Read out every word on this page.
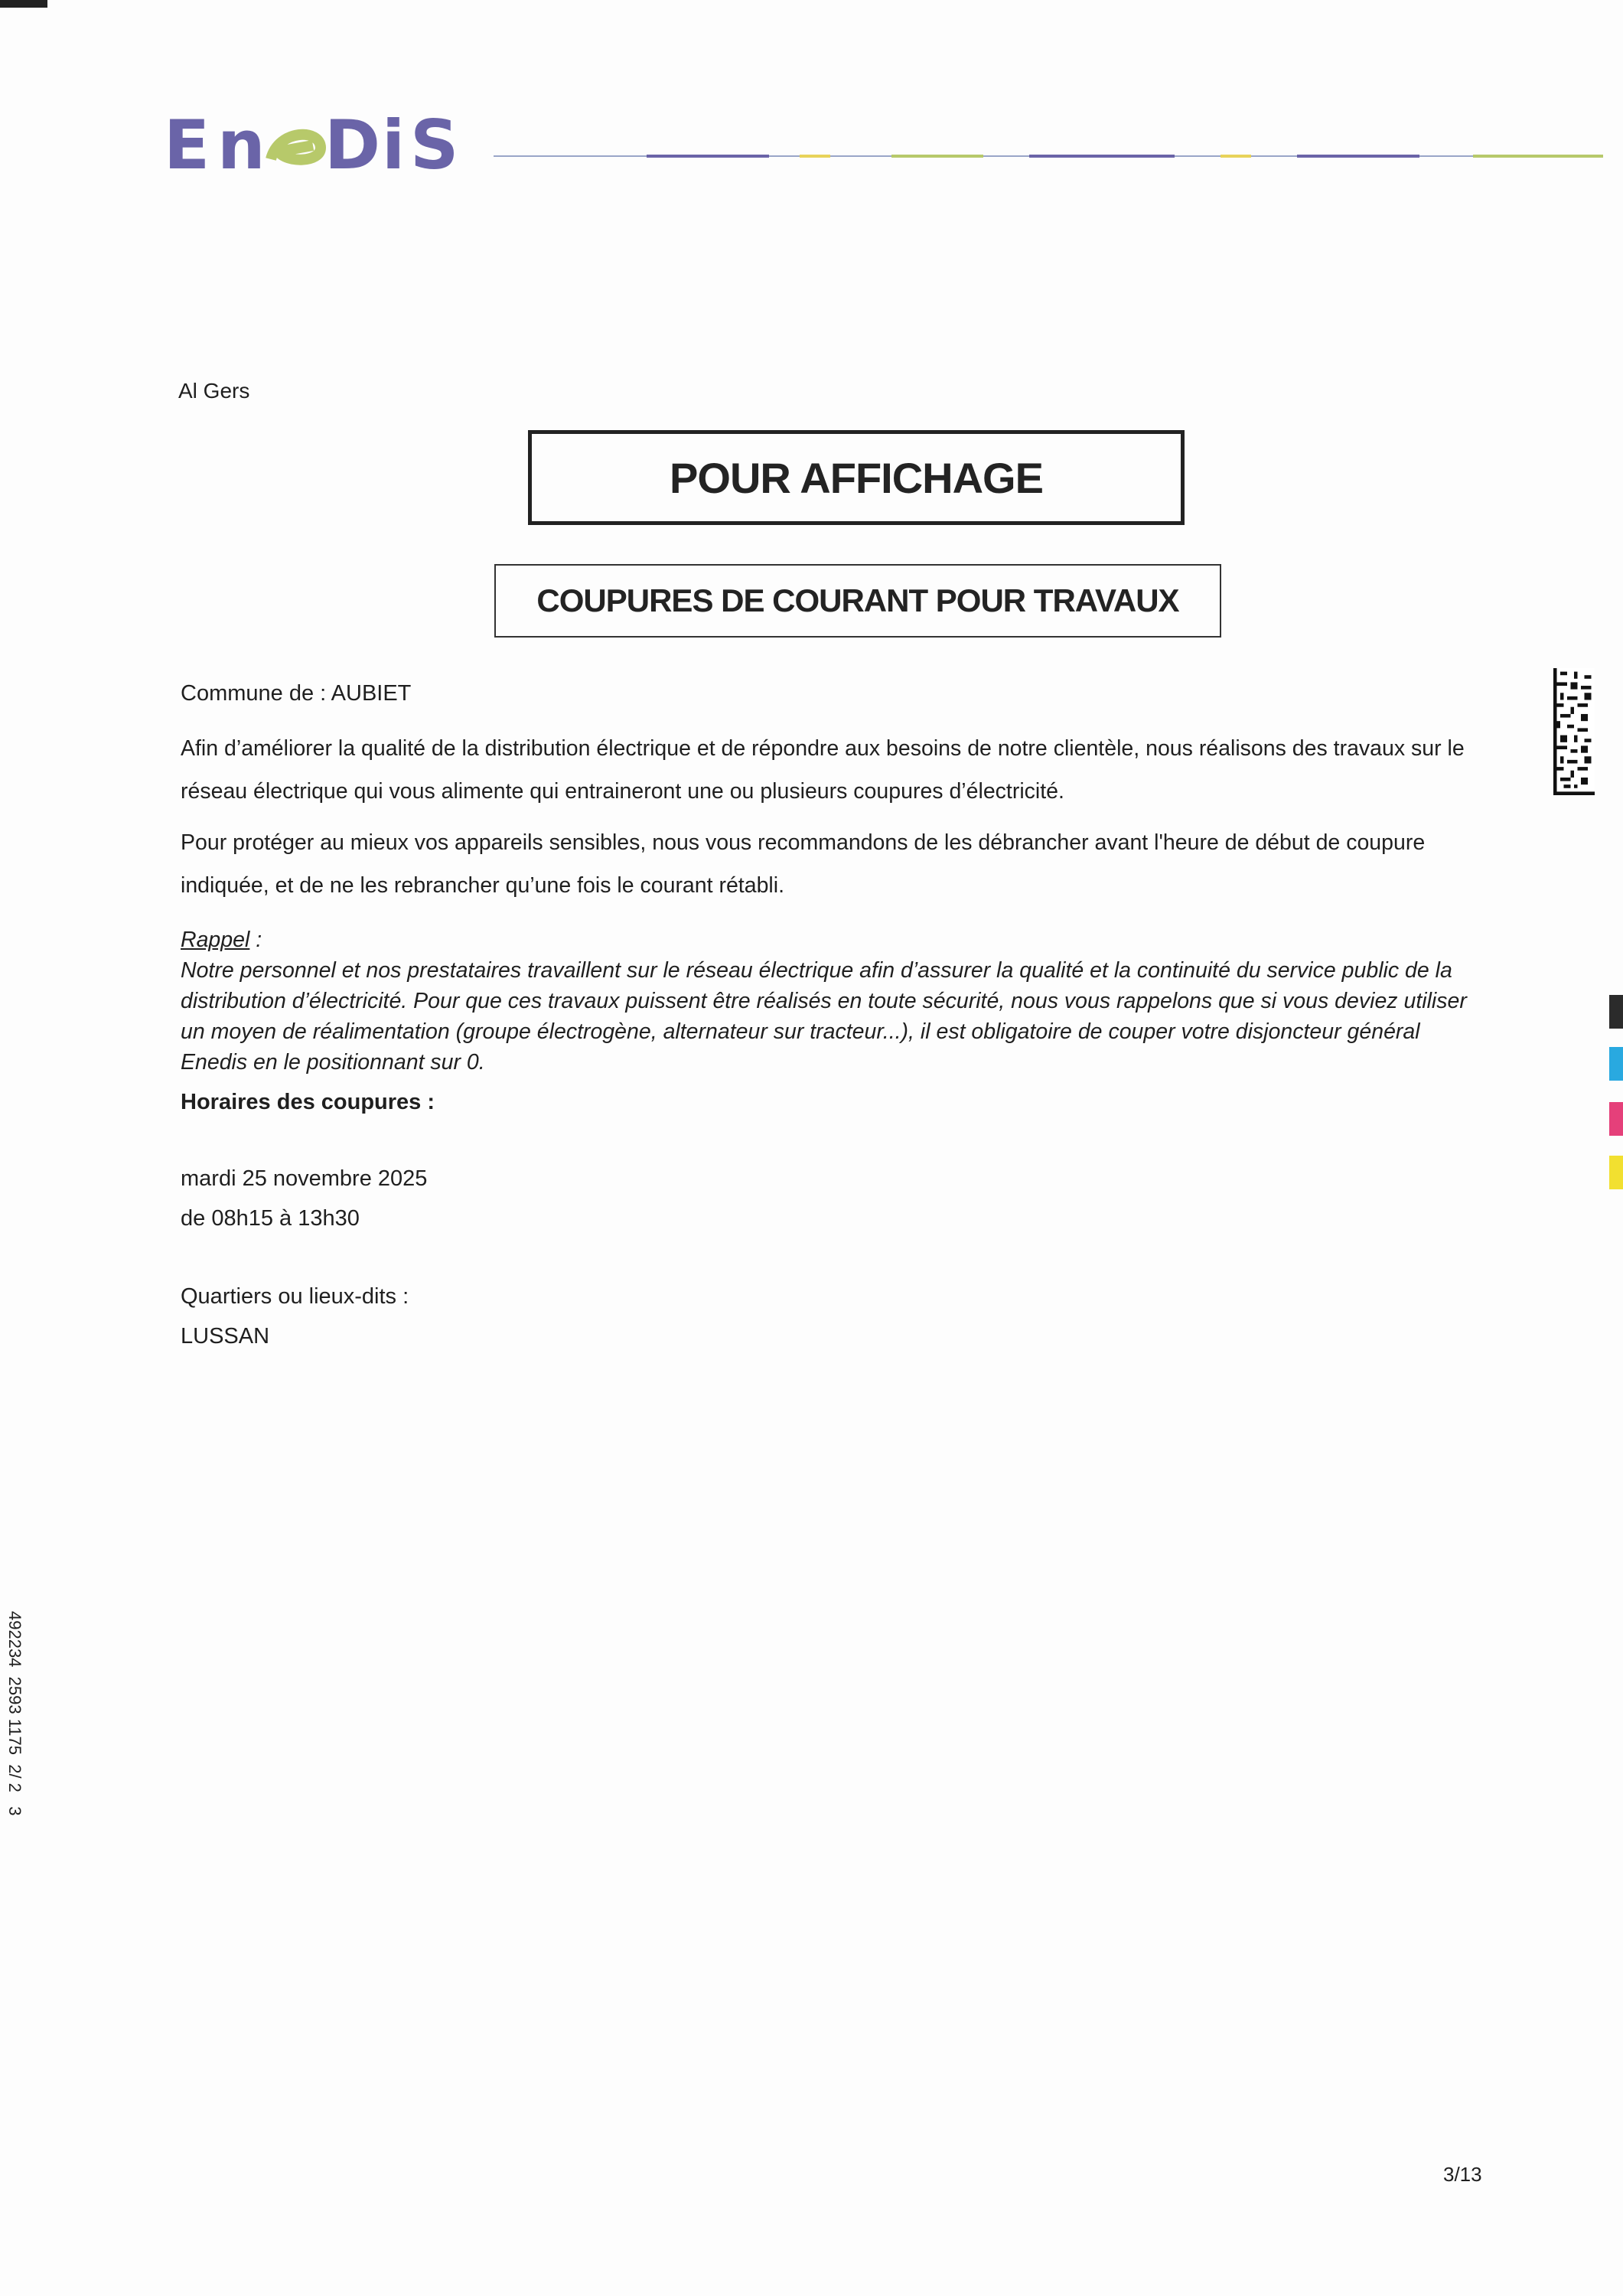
E n D i S
Al Gers
POUR AFFICHAGE
COUPURES DE COURANT POUR TRAVAUX
Commune de : AUBIET
Afin d’améliorer la qualité de la distribution électrique et de répondre aux besoins de notre clientèle, nous réalisons des travaux sur le réseau électrique qui vous alimente qui entraineront une ou plusieurs coupures d’électricité.
Pour protéger au mieux vos appareils sensibles, nous vous recommandons de les débrancher avant l'heure de début de coupure indiquée, et de ne les rebrancher qu’une fois le courant rétabli.
Rappel :
Notre personnel et nos prestataires travaillent sur le réseau électrique afin d’assurer la qualité et la continuité du service public de la distribution d’électricité. Pour que ces travaux puissent être réalisés en toute sécurité, nous vous rappelons que si vous deviez utiliser un moyen de réalimentation (groupe électrogène, alternateur sur tracteur...), il est obligatoire de couper votre disjoncteur général Enedis en le positionnant sur 0.
Horaires des coupures :
mardi 25 novembre 2025
de 08h15 à 13h30
Quartiers ou lieux-dits :
LUSSAN
3/13
492234  2593 1175  2/ 2   3
